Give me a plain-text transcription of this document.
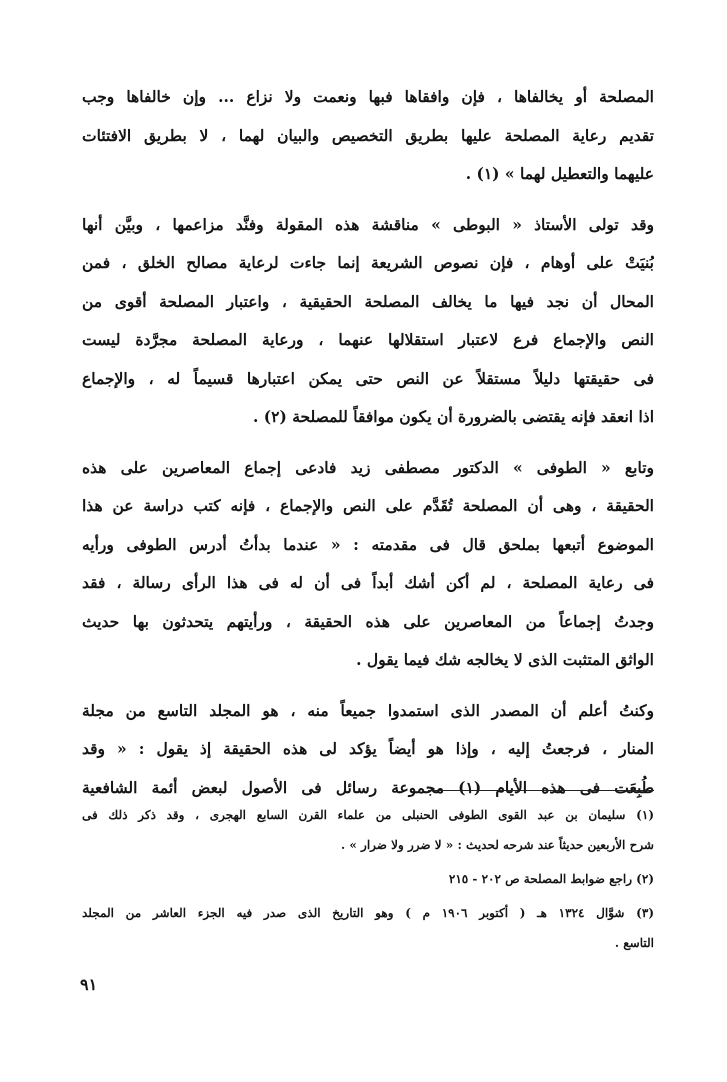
المصلحة أو يخالفاها ، فإن وافقاها فبها ونعمت ولا نزاع ... وإن خالفاها وجب
تقديم رعاية المصلحة عليها بطريق التخصيص والبيان لهما ، لا بطريق الافتئات
عليهما والتعطيل لهما » (١) .
وقد تولى الأستاذ « البوطى » مناقشة هذه المقولة وفنَّد مزاعمها ، وبيَّن أنها
بُنيَتْ على أوهام ، فإن نصوص الشريعة إنما جاءت لرعاية مصالح الخلق ، فمن
المحال أن نجد فيها ما يخالف المصلحة الحقيقية ، واعتبار المصلحة أقوى من
النص والإجماع فرع لاعتبار استقلالها عنهما ، ورعاية المصلحة مجرَّدة ليست
فى حقيقتها دليلاً مستقلاً عن النص حتى يمكن اعتبارها قسيماً له ، والإجماع
اذا انعقد فإنه يقتضى بالضرورة أن يكون موافقاً للمصلحة (٢) .
وتابع « الطوفى » الدكتور مصطفى زيد فادعى إجماع المعاصرين على هذه
الحقيقة ، وهى أن المصلحة تُقَدَّم على النص والإجماع ، فإنه كتب دراسة عن هذا
الموضوع أتبعها بملحق قال فى مقدمته : « عندما بدأتُ أدرس الطوفى ورأيه
فى رعاية المصلحة ، لم أكن أشك أبداً فى أن له فى هذا الرأى رسالة ، فقد
وجدتُ إجماعاً من المعاصرين على هذه الحقيقة ، ورأيتهم يتحدثون بها حديث
الواثق المتثبت الذى لا يخالجه شك فيما يقول .
وكنتُ أعلم أن المصدر الذى استمدوا جميعاً منه ، هو المجلد التاسع من مجلة
المنار ، فرجعتُ إليه ، وإذا هو أيضاً يؤكد لى هذه الحقيقة إذ يقول : « وقد
طُبِعَت فى هذه الأيام (١) مجموعة رسائل فى الأصول لبعض أئمة الشافعية
(١) سليمان بن عبد القوى الطوفى الحنبلى من علماء القرن السابع الهجرى ، وقد ذكر ذلك فى
شرح الأربعين حديثاً عند شرحه لحديث : « لا ضرر ولا ضرار » .
(٢) راجع ضوابط المصلحة ص ٢٠٢ - ٢١٥
(٣) شوَّال ١٣٢٤ هـ ( أكتوبر ١٩٠٦ م ) وهو التاريخ الذى صدر فيه الجزء العاشر من المجلد
التاسع .
٩١
